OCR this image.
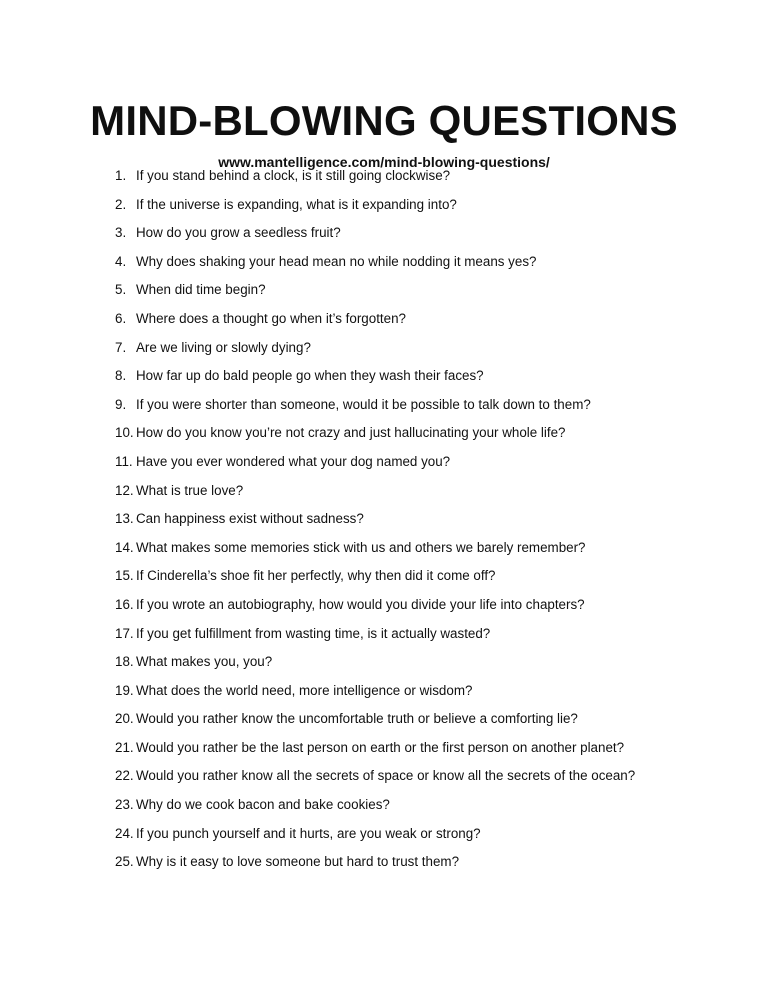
MIND-BLOWING QUESTIONS
www.mantelligence.com/mind-blowing-questions/
1. If you stand behind a clock, is it still going clockwise?
2. If the universe is expanding, what is it expanding into?
3. How do you grow a seedless fruit?
4. Why does shaking your head mean no while nodding it means yes?
5. When did time begin?
6. Where does a thought go when it’s forgotten?
7. Are we living or slowly dying?
8. How far up do bald people go when they wash their faces?
9. If you were shorter than someone, would it be possible to talk down to them?
10. How do you know you’re not crazy and just hallucinating your whole life?
11. Have you ever wondered what your dog named you?
12. What is true love?
13. Can happiness exist without sadness?
14. What makes some memories stick with us and others we barely remember?
15. If Cinderella’s shoe fit her perfectly, why then did it come off?
16. If you wrote an autobiography, how would you divide your life into chapters?
17. If you get fulfillment from wasting time, is it actually wasted?
18. What makes you, you?
19. What does the world need, more intelligence or wisdom?
20. Would you rather know the uncomfortable truth or believe a comforting lie?
21. Would you rather be the last person on earth or the first person on another planet?
22. Would you rather know all the secrets of space or know all the secrets of the ocean?
23. Why do we cook bacon and bake cookies?
24. If you punch yourself and it hurts, are you weak or strong?
25. Why is it easy to love someone but hard to trust them?
